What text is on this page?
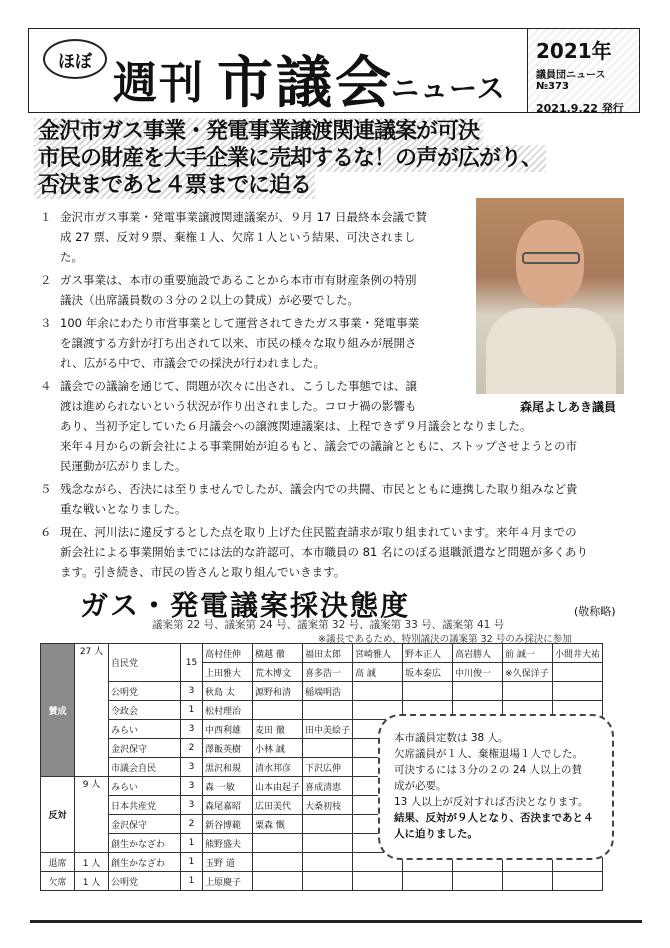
ほぼ 週刊 市議会
ニュース
2021年
議員団ニュース
№373
2021.9.22 発行
金沢市ガス事業・発電事業譲渡関連議案が可決
市民の財産を大手企業に売却するな！の声が広がり、
否決まであと４票までに迫る
森尾よしあき議員
１ 金沢市ガス事業・発電事業譲渡関連議案が、９月 17 日最終本会議で賛
成 27 票、反対９票、棄権１人、欠席１人という結果、可決されまし
た。
２ ガス事業は、本市の重要施設であることから本市市有財産条例の特別
議決（出席議員数の３分の２以上の賛成）が必要でした。
３ 100 年余にわたり市営事業として運営されてきたガス事業・発電事業
を譲渡する方針が打ち出されて以来、市民の様々な取り組みが展開さ
れ、広がる中で、市議会での採決が行われました。
４ 議会での議論を通じて、問題が次々に出され、こうした事態では、譲
渡は進められないという状況が作り出されました。コロナ禍の影響も
あり、当初予定していた６月議会への譲渡関連議案は、上程できず９月議会となりました。
来年４月からの新会社による事業開始が迫るもと、議会での議論とともに、ストップさせようとの市
民運動が広がりました。
５ 残念ながら、否決には至りませんでしたが、議会内での共闘、市民とともに連携した取り組みなど貴
重な戦いとなりました。
６ 現在、河川法に違反するとした点を取り上げた住民監査請求が取り組まれています。来年４月までの
新会社による事業開始までには法的な許認可、本市職員の 81 名にのぼる退職派遣など問題が多くあり
ます。引き続き、市民の皆さんと取り組んでいきます。
ガス・発電議案採決態度	(敬称略)
議案第 22 号、議案第 24 号、議案第 32 号、議案第 33 号、議案第 41 号
※議長であるため、特別議決の議案第 32 号のみ採決に参加
賛成	27 人	自民党	15	高村佳伸	横越 徹	福田太郎	宮崎雅人	野本正人	高岩勝人	前 誠一	小間井大祐
				上田雅大	荒木博文	喜多浩一	高 誠	坂本泰広	中川俊一	※久保洋子	
		公明党	3	秋島 太	源野和清	稲端明浩					
		令政会	1	松村理治							
		みらい	3	中西利雄	麦田 徹	田中美絵子					
		金沢保守	2	澤飯英樹	小林 誠						
		市議会自民	3	黒沢和規	清水邦彦	下沢広伸					
反対	9 人	みらい	3	森 一敏	山本由起子	喜成清恵					
		日本共産党	3	森尾嘉昭	広田美代	大桑初枝					
		金沢保守	2	新谷博範	粟森 慨						
		創生かなざわ	1	熊野盛夫							
退席	1 人	創生かなざわ	1	玉野 道							
欠席	1 人	公明党	1	上原慶子							
本市議員定数は 38 人。
欠席議員が１人、棄権退場１人でした。
可決するには３分の２の 24 人以上の賛
成が必要。
13 人以上が反対すれば否決となります。
結果、反対が９人となり、否決まであと４
人に迫りました。
